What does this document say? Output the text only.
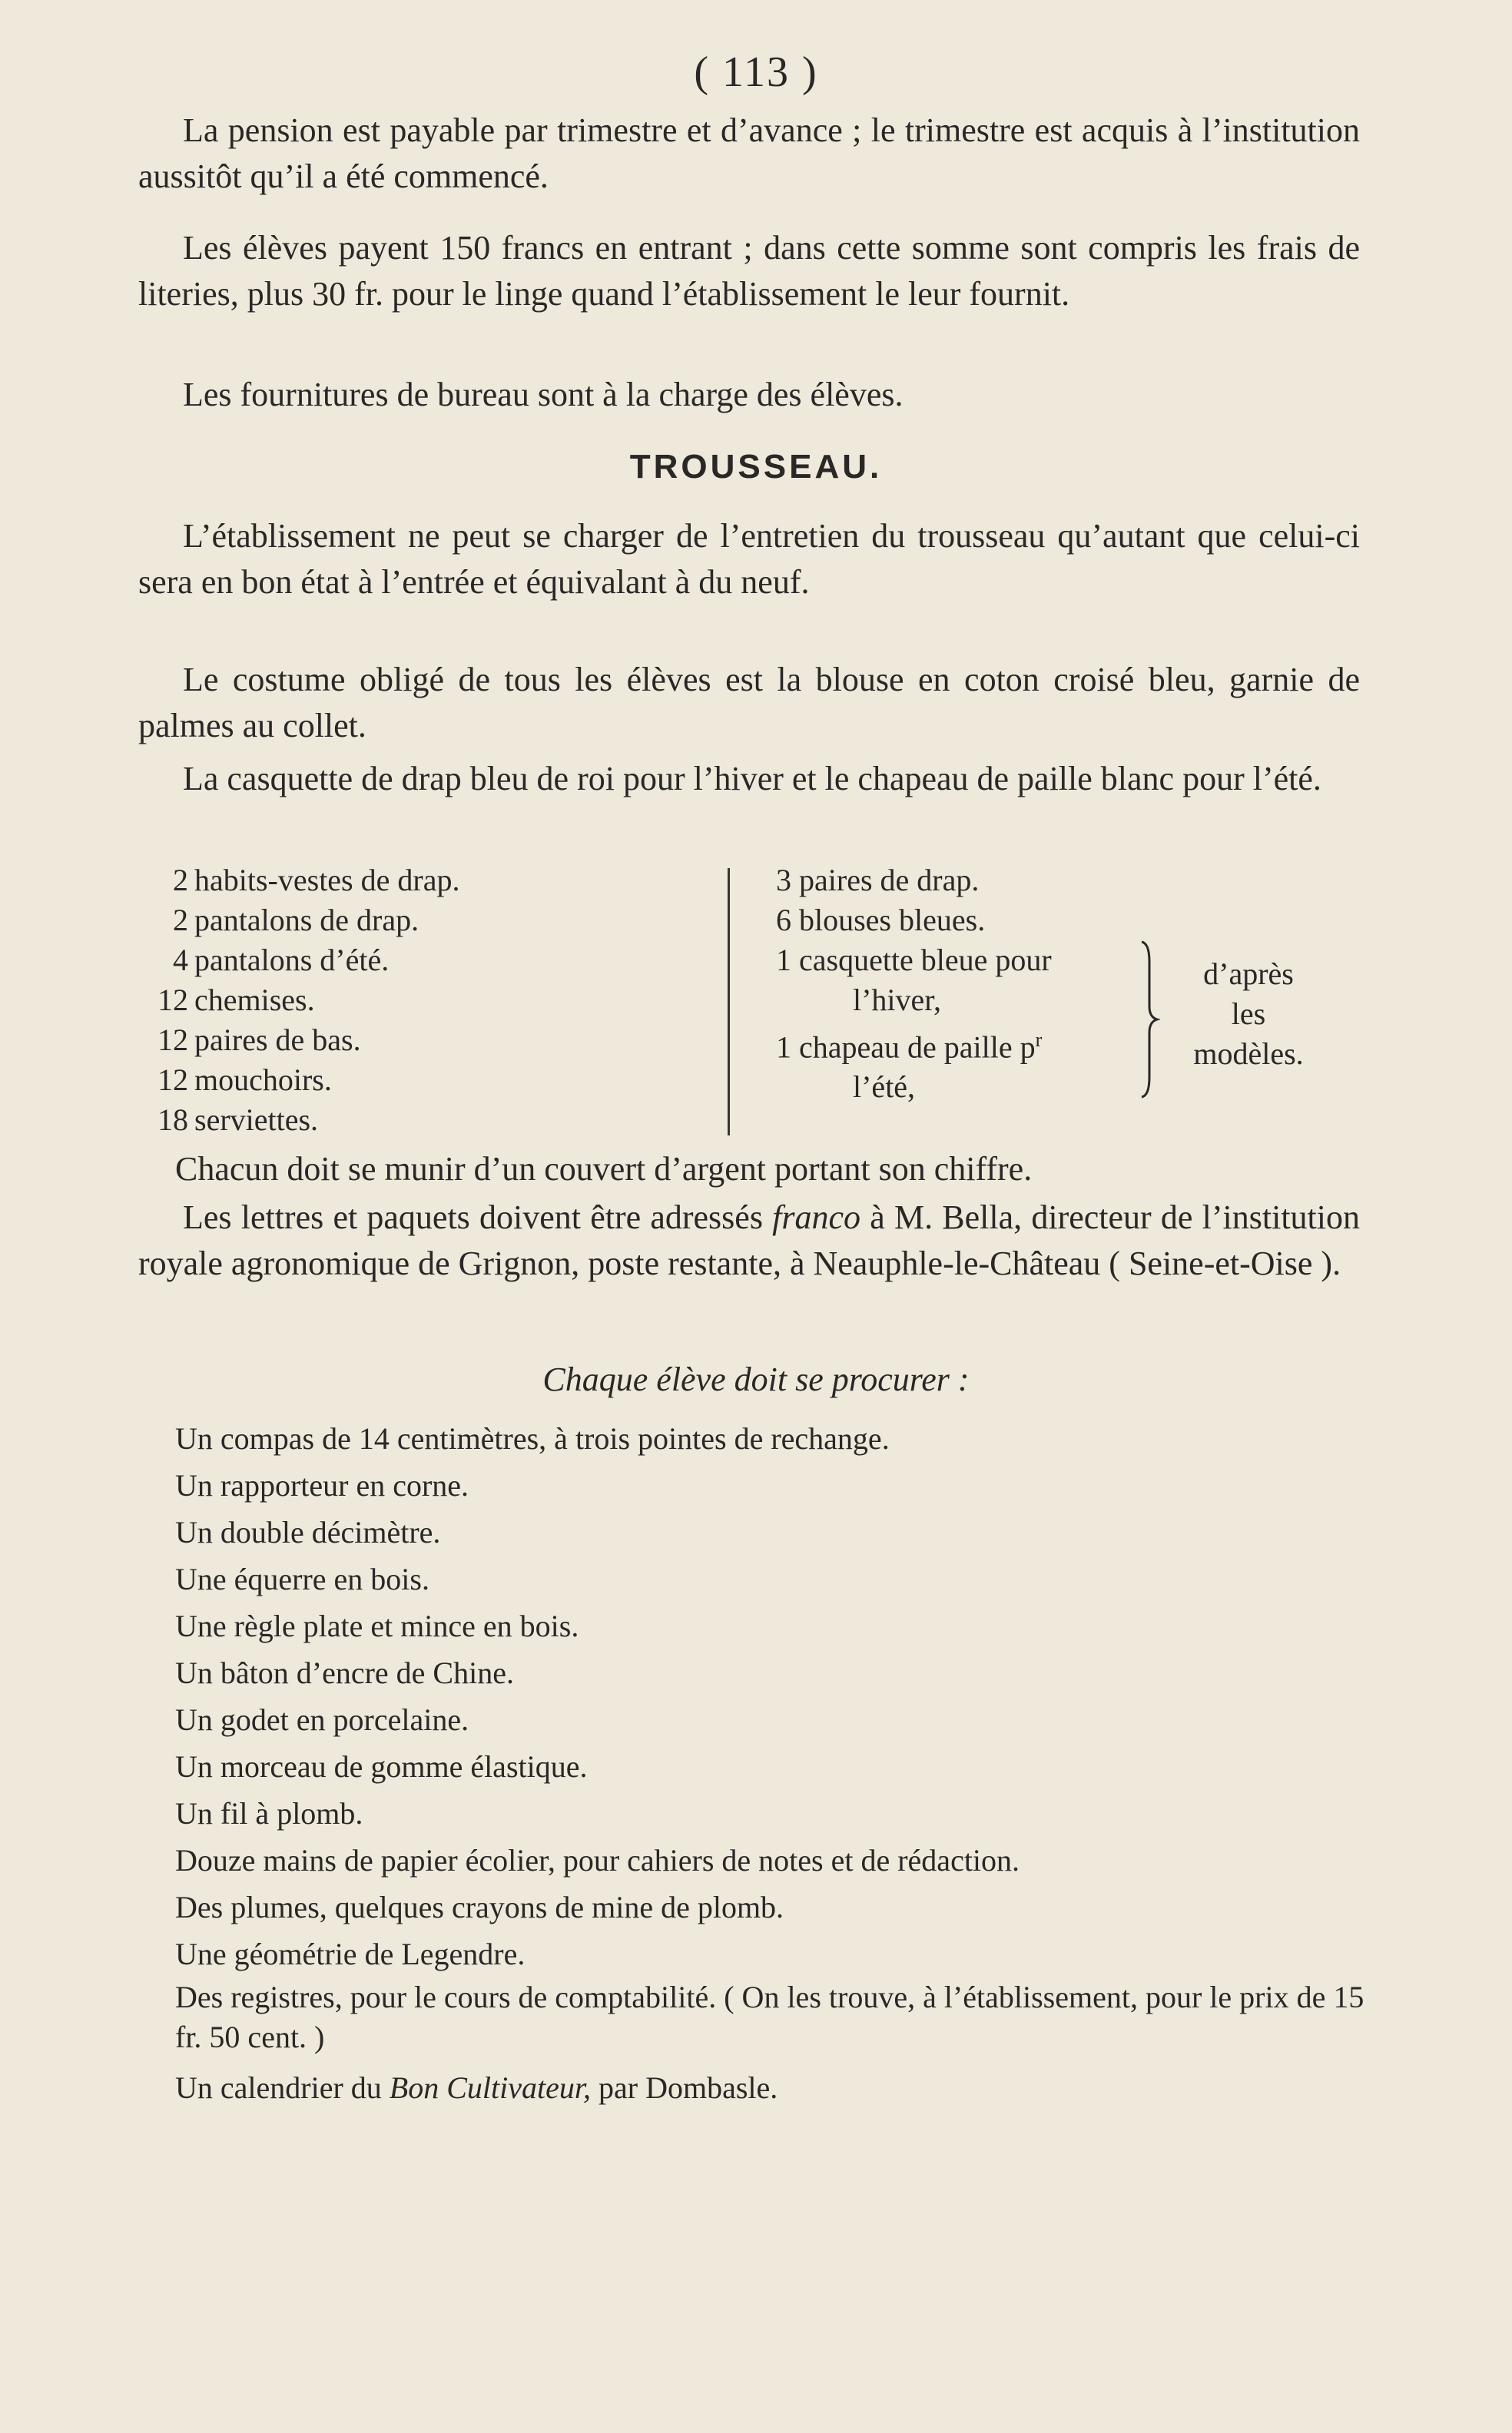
( 113 )

La pension est payable par trimestre et d’avance ; le trimestre est acquis à l’institution aussitôt qu’il a été commencé.

Les élèves payent 150 francs en entrant ; dans cette somme sont compris les frais de literies, plus 30 fr. pour le linge quand l’établissement le leur fournit.

Les fournitures de bureau sont à la charge des élèves.

TROUSSEAU.

L’établissement ne peut se charger de l’entretien du trousseau qu’autant que celui-ci sera en bon état à l’entrée et équivalant à du neuf.

Le costume obligé de tous les élèves est la blouse en coton croisé bleu, garnie de palmes au collet.

La casquette de drap bleu de roi pour l’hiver et le chapeau de paille blanc pour l’été.

2 habits-vestes de drap.
2 pantalons de drap.
4 pantalons d’été.
12 chemises.
12 paires de bas.
12 mouchoirs.
18 serviettes.
3 paires de drap.
6 blouses bleues.
1 casquette bleue pour
l’hiver,
1 chapeau de paille $p^r$
l’été,
d’après
les
modèles.

Chacun doit se munir d’un couvert d’argent portant son chiffre.

Les lettres et paquets doivent être adressés franco à M. Bella, directeur de l’institution royale agronomique de Grignon, poste restante, à Neauphle-le-Château ( Seine-et-Oise ).

Chaque élève doit se procurer :
Un compas de 14 centimètres, à trois pointes de rechange.
Un rapporteur en corne.
Un double décimètre.
Une équerre en bois.
Une règle plate et mince en bois.
Un bâton d’encre de Chine.
Un godet en porcelaine.
Un morceau de gomme élastique.
Un fil à plomb.
Douze mains de papier écolier, pour cahiers de notes et de rédaction.
Des plumes, quelques crayons de mine de plomb.
Une géométrie de Legendre.
Des registres, pour le cours de comptabilité. ( On les trouve, à l’établissement, pour le prix de 15 fr. 50 cent. )
Un calendrier du Bon Cultivateur, par Dombasle.
